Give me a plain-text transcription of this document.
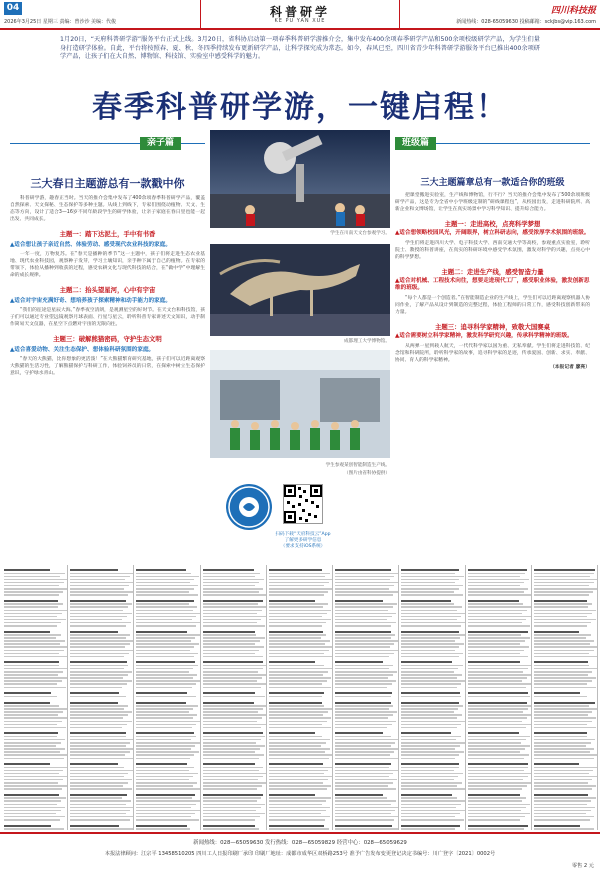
04
2026年3月25日 星期三 责编：曾沙沙 美编：代俊
科普研学
KE PU YAN XUE
四川科技报
新闻热线：028-65059630 投稿邮箱：sckjbs@vip.163.com

1月20日，“天府科普研学游”服务平台正式上线。3月20日，省科协启动第一项春季科普研学游推介会，集中发布400余项春季研学产品和500余项校级研学产品，为学生们量身打造研学体验。自此，平台将按照春、夏、秋、冬四季持续发布更新研学产品，让科学探究成为常态。如今，春风已至，四川省青少年科普研学游服务平台已推出400余项研学产品，让孩子们在大自然、博物馆、科技馆、实验室中感受科学的魅力。

春季科普研学游，一键启程！
亲子篇	班级篇
三大春日主题游总有一款戳中你

科普研学游，趣春正当时。当天的推介会集中发布了400余项春季科普研学产品，覆盖自然探索、天文探秘、生态保护等多种主题。从线上到线下，专家们围绕动植物、天文、生态等方向，设计了适合3—16岁不同年龄段学生的研学体验，让亲子家庭在春日里也能一起出发、共同成长。

主题一：踏下达泥土，手中有书香
▲适合想让孩子亲近自然、体验劳动、感受现代农业科技的家庭。

一年一度，万物复苏。在“春天是播种的季节”这一主题中，孩子们将走进生态农业基地、现代农业科技园，观察种子发芽，学习土壤知识，亲手种下属于自己的植物。在专家的带领下，体验从播种到收获的过程，感受农耕文化与现代科技的结合，在“做中学”中理解生命的成长规律。

主题二：抬头望星河，心中有宇宙
▲适合对宇宙充满好奇、想培养孩子探索精神和动手能力的家庭。

“我们的征途是星辰大海。”春季夜空清朗，是观测星空的好时节。在天文台和科技馆，孩子们可以通过专业望远镜观察月球表面、行星与星云，聆听科普专家讲述天文知识，动手制作简易天文仪器，在星空下点燃对宇宙的无限向往。

主题三：破解熊猫密码，守护生态文明
▲适合喜爱动物、关注生态保护、想体验科研氛围的家庭。

“春天的大熊猫，比你想象的更活泼！”在大熊猫繁育研究基地，孩子们可以近距离观察大熊猫的生活习性，了解熊猫保护与科研工作，体验饲养员的日常，在探索中树立生态保护意识，守护绿水青山。

学生在川南天文台参观学习。
成都理工大学博物馆。
学生参观某创智能制造生产线。
（图片由省科协提供）
扫码下载“天府科技云”App
了解更多研学信息
（要求支持iOS系统）
三大主题篇章总有一款适合你的班级

把课堂搬进实验室，生产线和博物馆，行不行？当天的推介会集中发布了500余项班级研学产品，这是专为全省中小学班级定制的“研线课程包”，从校园出发，走进科研院所、高新企业和文博场馆，让学生在真实场景中学习科学知识、提升综合能力。

主题一：走进高校，点亮科学梦想
▲适合想领略校园风光，开阔眼界，树立科研志向，感受浓厚学术氛围的班级。

学生们将走进四川大学、电子科技大学、西南交通大学等高校，参观重点实验室，聆听院士、教授的科普讲座，在真实的科研环境中感受学术氛围，激发对科学的兴趣，点亮心中的科学梦想。

主题二：走进生产线，感受智造力量
▲适合对机械、工程技术向往，想要走进现代工厂，感受职业体验，激发创新思维的班级。

“每个人都是一个创造者。”在智能制造企业的生产线上，学生们可以近距离观察机器人协同作业，了解产品从设计到制造的完整过程，体验工程师的日常工作，感受科技创新带来的力量。

主题三：追寻科学家精神，致敬大国赛桌
▲适合需要树立科学家精神，激发科学研究兴趣，传承科学精神的班级。

从两弹一星到载人航天，一代代科学家以国为重、无私奉献。学生们将走进科技馆、纪念馆和科研院所，聆听科学家的故事，追寻科学家的足迹，传承爱国、创新、求实、奉献、协同、育人的科学家精神。

（本报记者 廖亮）
新闻热线：028—65059630 发行热线：028—65059829 经营中心：028—65059629
本报法律顾问：江宗平 13458510205 四川工人日报印刷厂承印 印刷厂地址：成都市成华区双桥路253号 准予广告发布变更登记决定书编号：川广登字〔2021〕0002号
零售 2 元
